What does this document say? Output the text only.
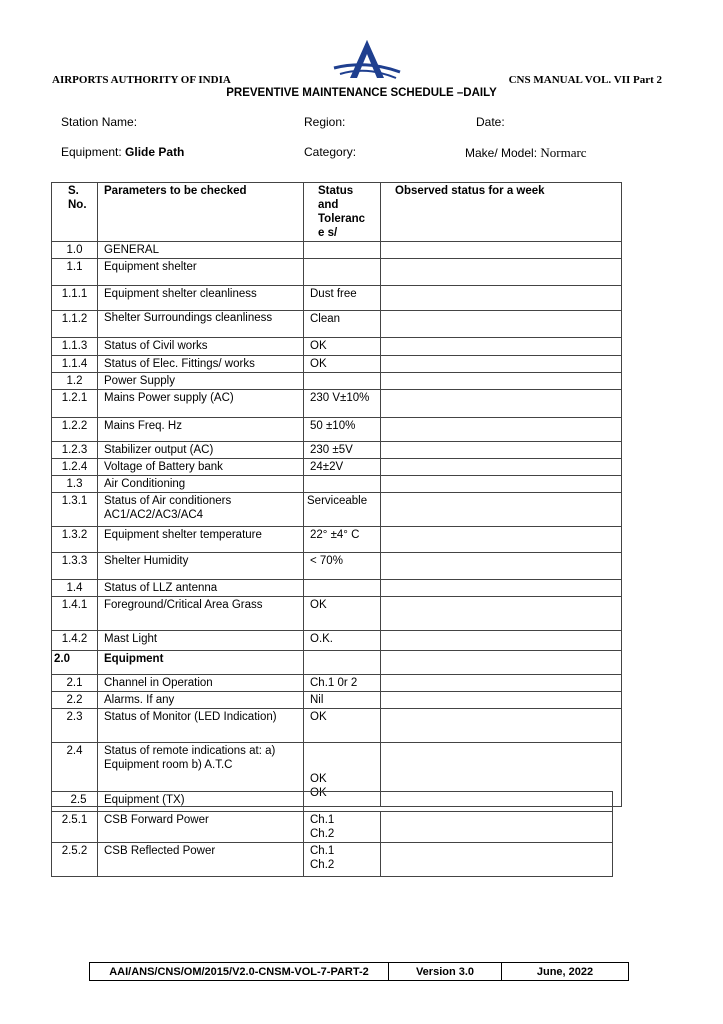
AIRPORTS AUTHORITY OF INDIA	CNS MANUAL VOL. VII Part 2
PREVENTIVE MAINTENANCE SCHEDULE –DAILY
Station Name:	Region:	Date:
Equipment: Glide Path	Category:	Make/ Model: Normarc
S. No.	Parameters to be checked	Status and Toleranc e s/	Observed status for a week
1.0	GENERAL		
1.1	Equipment shelter		
1.1.1	Equipment shelter cleanliness	Dust free	
1.1.2	Shelter Surroundings cleanliness	Clean	
1.1.3	Status of Civil works	OK	
1.1.4	Status of Elec. Fittings/ works	OK	
1.2	Power Supply		
1.2.1	Mains Power supply (AC)	230 V±10%	
1.2.2	Mains Freq. Hz	50 ±10%	
1.2.3	Stabilizer output (AC)	230 ±5V	
1.2.4	Voltage of Battery bank	24±2V	
1.3	Air Conditioning		
1.3.1	Status of Air conditioners AC1/AC2/AC3/AC4	Serviceable	
1.3.2	Equipment shelter temperature	22° ±4° C	
1.3.3	Shelter Humidity	< 70%	
1.4	Status of LLZ antenna		
1.4.1	Foreground/Critical Area Grass	OK	
1.4.2	Mast Light	O.K.	
2.0	Equipment		
2.1	Channel in Operation	Ch.1 0r 2	
2.2	Alarms. If any	Nil	
2.3	Status of Monitor (LED Indication)	OK	
2.4	Status of remote indications at: a) Equipment room b) A.T.C	OK
OK	

2.5	Equipment (TX)		
2.5.1	CSB Forward Power	Ch.1
Ch.2	

2.5.2	CSB Reflected Power	Ch.1
Ch.2	

AAI/ANS/CNS/OM/2015/V2.0-CNSM-VOL-7-PART-2	Version 3.0	June, 2022
